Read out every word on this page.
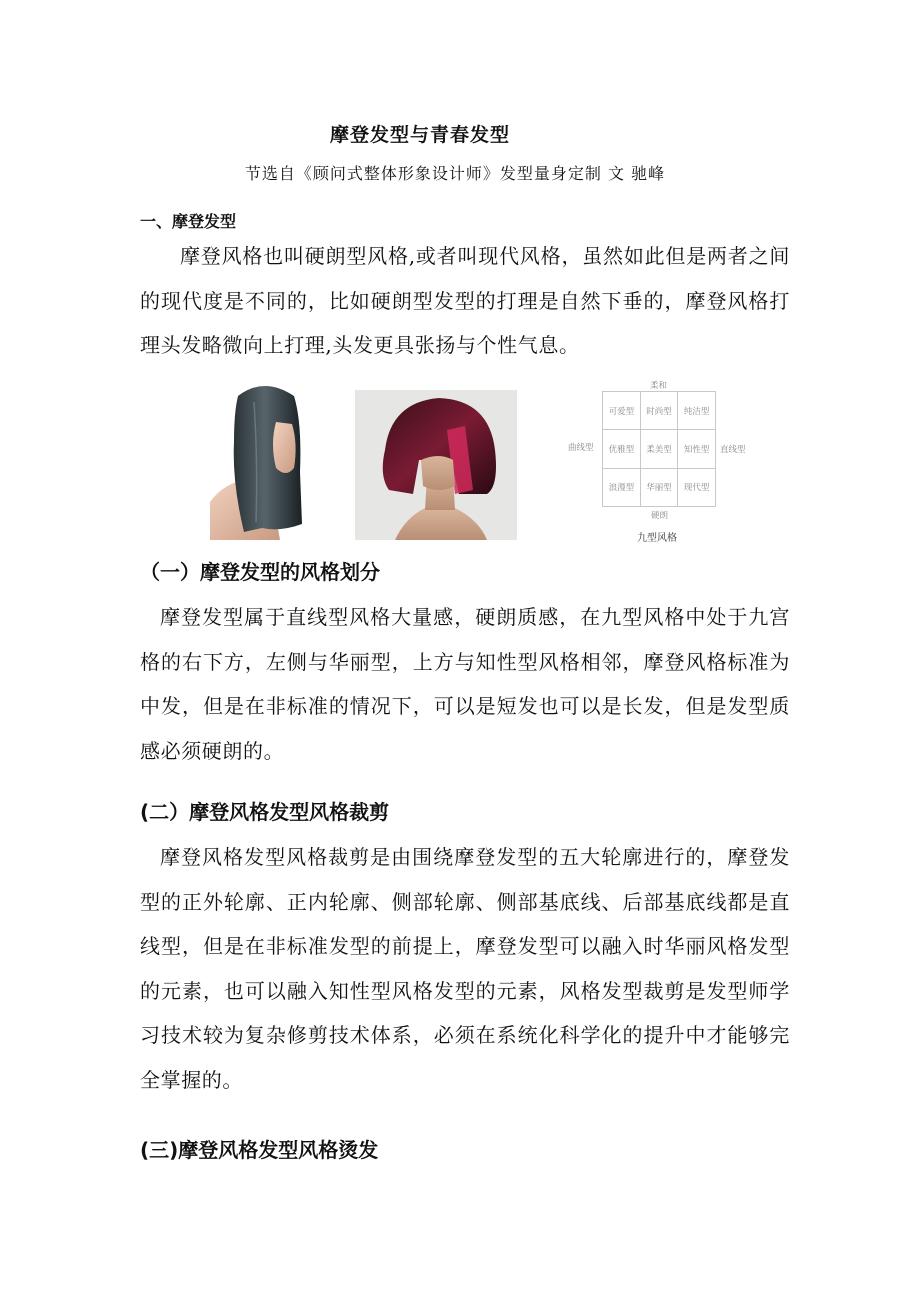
摩登发型与青春发型
节选自《顾问式整体形象设计师》发型量身定制 文 驰峰
一、摩登发型

摩登风格也叫硬朗型风格,或者叫现代风格，虽然如此但是两者之间的现代度是不同的，比如硬朗型发型的打理是自然下垂的，摩登风格打理头发略微向上打理,头发更具张扬与个性气息。

柔和
曲线型	直线型
可爱型	时尚型	纯洁型
优雅型	柔美型	知性型
浪漫型	华丽型	现代型
硬朗
九型风格
（一）摩登发型的风格划分

摩登发型属于直线型风格大量感，硬朗质感，在九型风格中处于九宫格的右下方，左侧与华丽型，上方与知性型风格相邻，摩登风格标准为中发，但是在非标准的情况下，可以是短发也可以是长发，但是发型质感必须硬朗的。

(二）摩登风格发型风格裁剪

摩登风格发型风格裁剪是由围绕摩登发型的五大轮廓进行的，摩登发型的正外轮廓、正内轮廓、侧部轮廓、侧部基底线、后部基底线都是直线型，但是在非标准发型的前提上，摩登发型可以融入时华丽风格发型的元素，也可以融入知性型风格发型的元素，风格发型裁剪是发型师学习技术较为复杂修剪技术体系，必须在系统化科学化的提升中才能够完全掌握的。

(三)摩登风格发型风格烫发
